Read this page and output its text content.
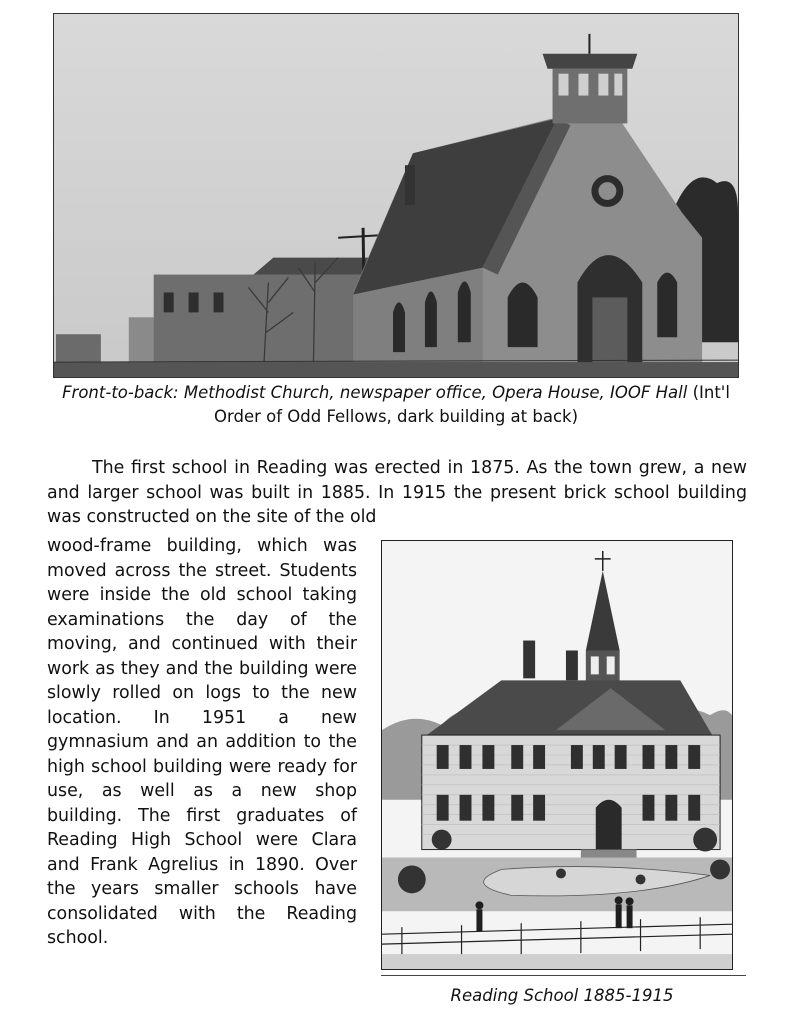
Front-to-back: Methodist Church, newspaper office, Opera House, IOOF Hall (Int'l Order of Odd Fellows, dark building at back)

The first school in Reading was erected in 1875. As the town grew, a new and larger school was built in 1885. In 1915 the present brick school building was constructed on the site of the old

wood-frame building, which was moved across the street. Students were inside the old school taking examinations the day of the moving, and continued with their work as they and the building were slowly rolled on logs to the new location. In 1951 a new gymnasium and an addition to the high school building were ready for use, as well as a new shop building. The first graduates of Reading High School were Clara and Frank Agrelius in 1890. Over the years smaller schools have consolidated with the Reading school.

Reading School 1885-1915
